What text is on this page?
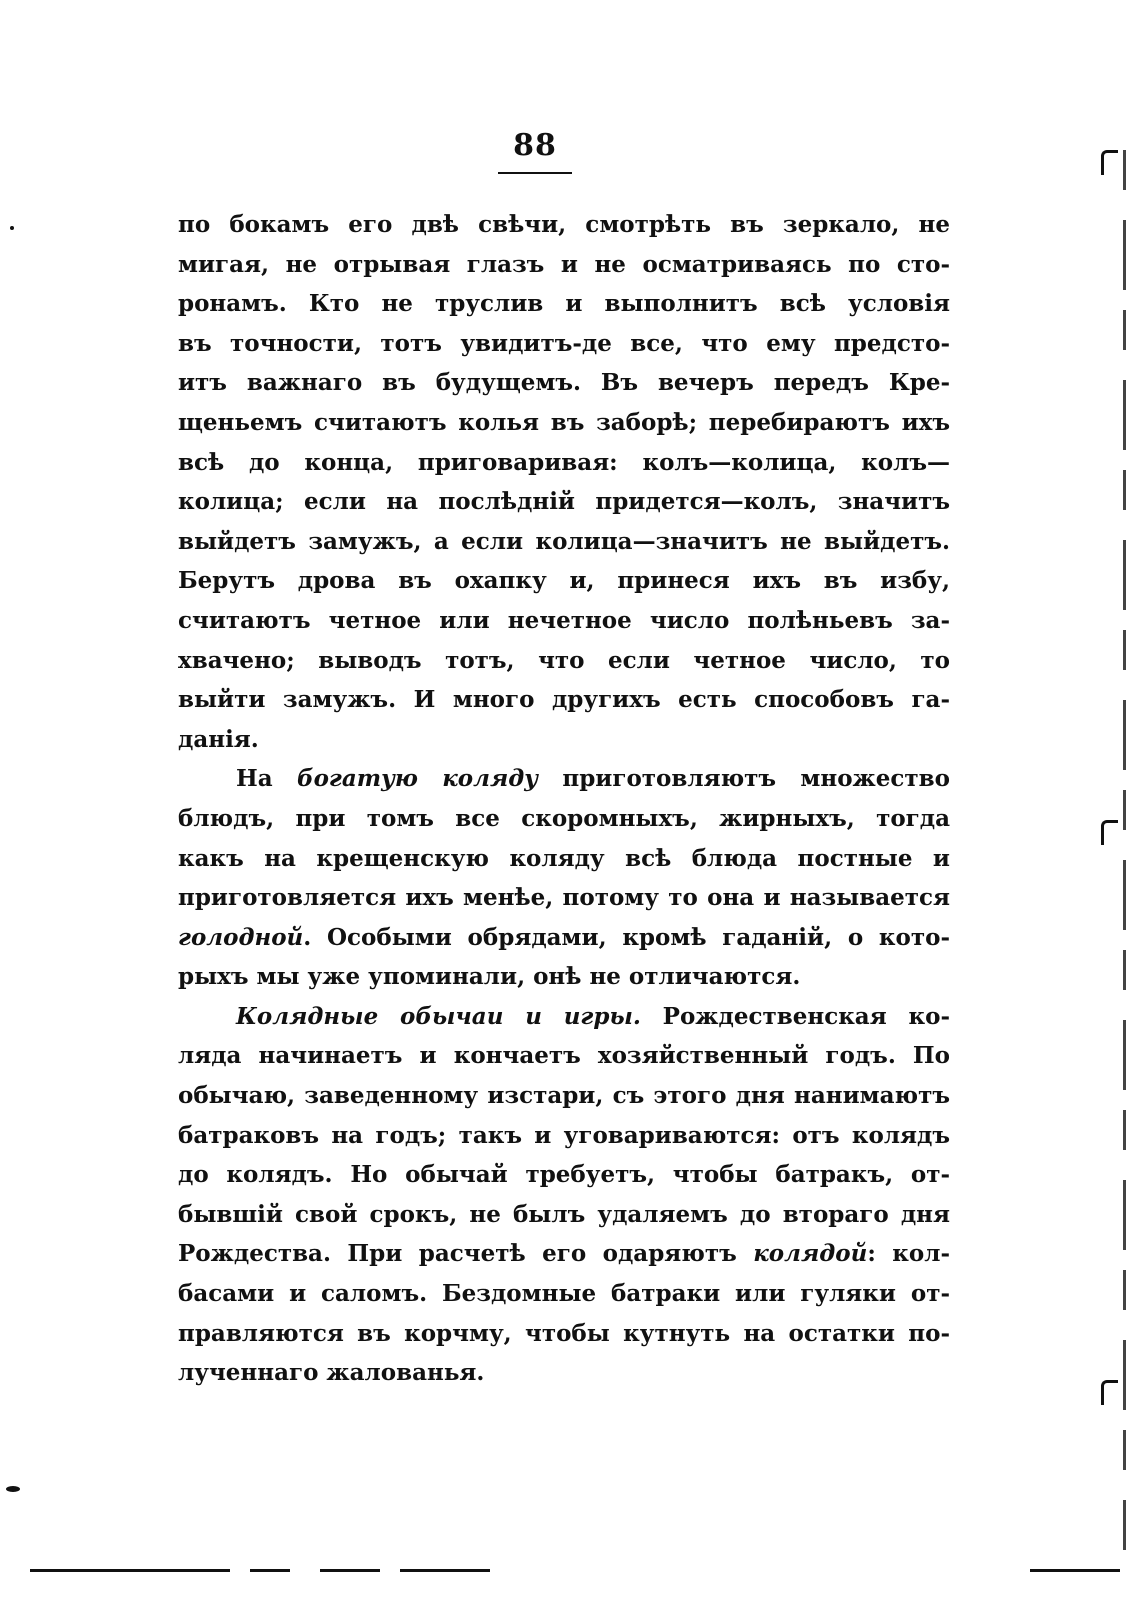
88
по бокамъ его двѣ свѣчи, смотрѣть въ зеркало, не
мигая, не отрывая глазъ и не осматриваясь по сто-
ронамъ. Кто не труслив и выполнитъ всѣ условія
въ точности, тотъ увидитъ-де все, что ему предсто-
итъ важнаго въ будущемъ. Въ вечеръ передъ Кре-
щеньемъ считаютъ колья въ заборѣ; перебираютъ ихъ
всѣ до конца, приговаривая: колъ—колица, колъ—
колица; если на послѣдній придется—колъ, значитъ
выйдетъ замужъ, а если колица—значитъ не выйдетъ.
Берутъ дрова въ охапку и, принеся ихъ въ избу,
считаютъ четное или нечетное число полѣньевъ за-
хвачено; выводъ тотъ, что если четное число, то
выйти замужъ. И много другихъ есть способовъ га-
данія.
На богатую коляду приготовляютъ множество
блюдъ, при томъ все скоромныхъ, жирныхъ, тогда
какъ на крещенскую коляду всѣ блюда постные и
приготовляется ихъ менѣе, потому то она и называется
голодной. Особыми обрядами, кромѣ гаданій, о кото-
рыхъ мы уже упоминали, онѣ не отличаются.
Колядные обычаи и игры. Рождественская ко-
ляда начинаетъ и кончаетъ хозяйственный годъ. По
обычаю, заведенному изстари, съ этого дня нанимаютъ
батраковъ на годъ; такъ и уговариваются: отъ колядъ
до колядъ. Но обычай требуетъ, чтобы батракъ, от-
бывшій свой срокъ, не былъ удаляемъ до втораго дня
Рождества. При расчетѣ его одаряютъ колядой: кол-
басами и саломъ. Бездомные батраки или гуляки от-
правляются въ корчму, чтобы кутнуть на остатки по-
лученнаго жалованья.
